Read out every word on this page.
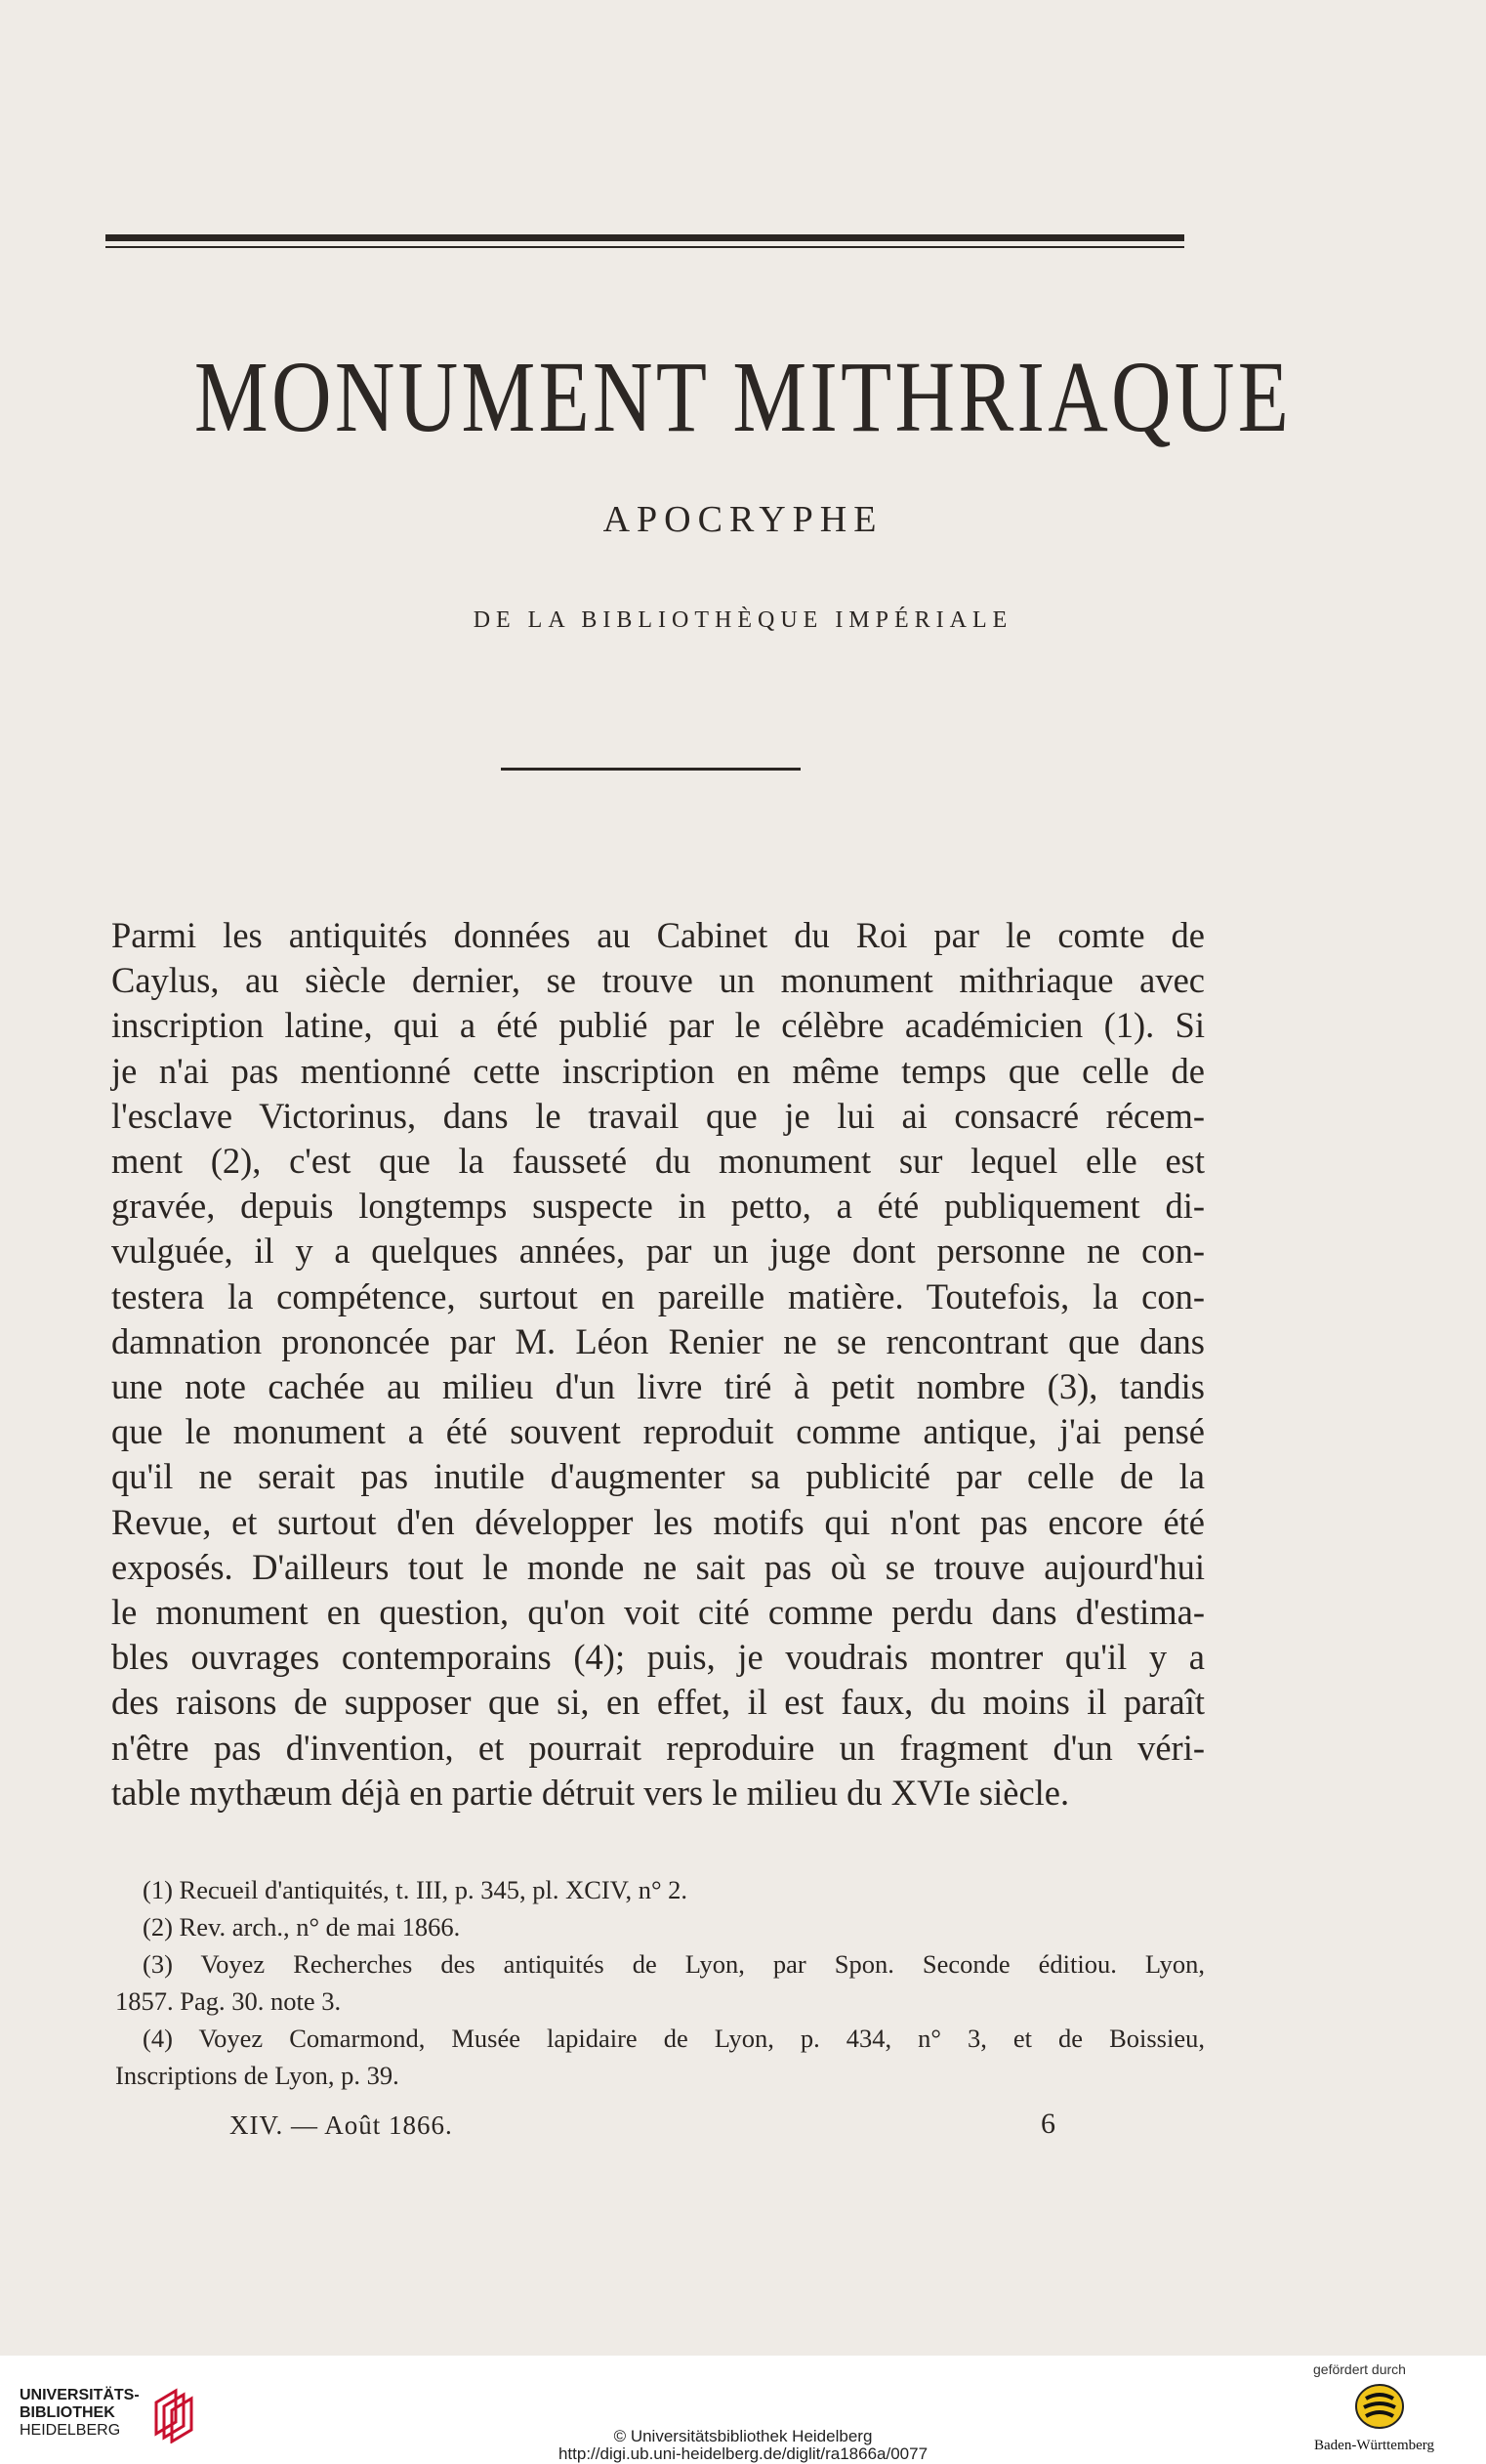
MONUMENT MITHRIAQUE
APOCRYPHE
DE LA BIBLIOTHÈQUE IMPÉRIALE
Parmi les antiquités données au Cabinet du Roi par le comte de
Caylus, au siècle dernier, se trouve un monument mithriaque avec
inscription latine, qui a été publié par le célèbre académicien (1). Si
je n'ai pas mentionné cette inscription en même temps que celle de
l'esclave Victorinus, dans le travail que je lui ai consacré récem-
ment (2), c'est que la fausseté du monument sur lequel elle est
gravée, depuis longtemps suspecte in petto, a été publiquement di-
vulguée, il y a quelques années, par un juge dont personne ne con-
testera la compétence, surtout en pareille matière. Toutefois, la con-
damnation prononcée par M. Léon Renier ne se rencontrant que dans
une note cachée au milieu d'un livre tiré à petit nombre (3), tandis
que le monument a été souvent reproduit comme antique, j'ai pensé
qu'il ne serait pas inutile d'augmenter sa publicité par celle de la
Revue, et surtout d'en développer les motifs qui n'ont pas encore été
exposés. D'ailleurs tout le monde ne sait pas où se trouve aujourd'hui
le monument en question, qu'on voit cité comme perdu dans d'estima-
bles ouvrages contemporains (4); puis, je voudrais montrer qu'il y a
des raisons de supposer que si, en effet, il est faux, du moins il paraît
n'être pas d'invention, et pourrait reproduire un fragment d'un véri-
table mythæum déjà en partie détruit vers le milieu du XVIe siècle.
(1) Recueil d'antiquités, t. III, p. 345, pl. XCIV, n° 2.
(2) Rev. arch., n° de mai 1866.
(3) Voyez Recherches des antiquités de Lyon, par Spon. Seconde éditiou. Lyon,
1857. Pag. 30. note 3.
(4) Voyez Comarmond, Musée lapidaire de Lyon, p. 434, n° 3, et de Boissieu,
Inscriptions de Lyon, p. 39.
XIV. — Août 1866.	6
UNIVERSITÄTS-
BIBLIOTHEK
HEIDELBERG	© Universitätsbibliothek Heidelberg
http://digi.ub.uni-heidelberg.de/diglit/ra1866a/0077
gefördert durch
Baden-Württemberg
